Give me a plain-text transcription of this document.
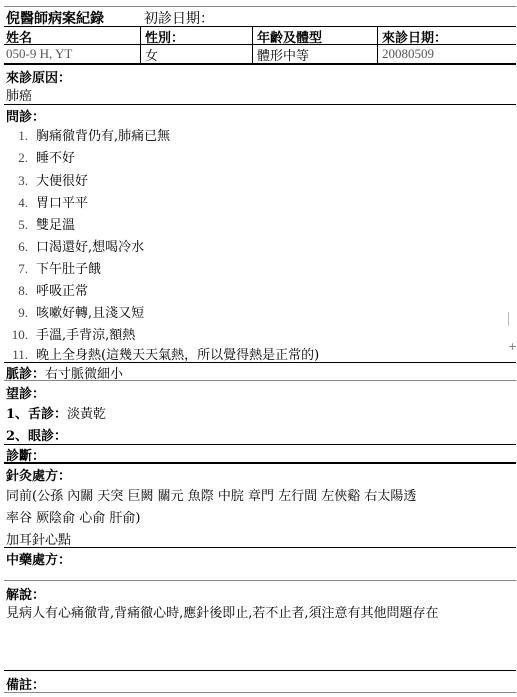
倪醫師病案紀錄	初診日期：
姓名	性別：	年齡及體型	來診日期：
050-9 H, YT	女	體形中等	20080509
來診原因：
肺癌
問診：
1. 胸痛徹背仍有,肺痛已無
2. 睡不好
3. 大便很好
4. 胃口平平
5. 雙足溫
6. 口渴還好,想喝冷水
7. 下午肚子餓
8. 呼吸正常
9. 咳嗽好轉,且淺又短
10. 手溫,手背涼,額熱
11. 晚上全身熱(這幾天天氣熱，所以覺得熱是正常的)
+
脈診：右寸脈微細小
望診：
1、舌診：淡黃乾
2、眼診：
診斷：
針灸處方：
同前(公孫 內關 天突 巨闕 關元 魚際 中脘 章門 左行間 左俠谿 右太陽透
率谷 厥陰俞 心俞 肝俞)
加耳針心點
中藥處方：
解說：
見病人有心痛徹背,背痛徹心時,應針後即止,若不止者,須注意有其他問題存在
備註：
